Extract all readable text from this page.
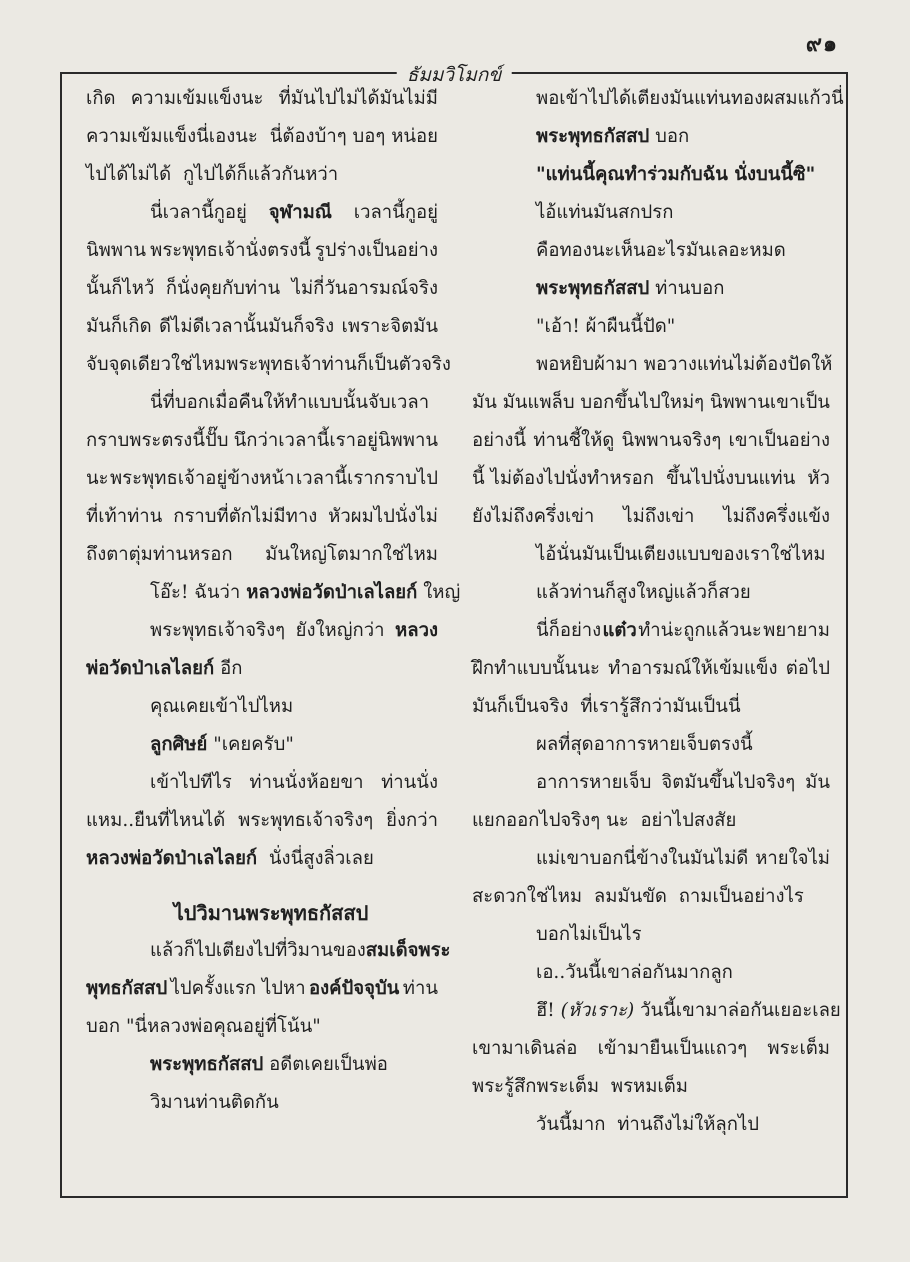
๙๑
ธัมมวิโมกข์

เกิด ความเข้มแข็งนะ ที่มันไปไม่ได้มันไม่มี

ความเข้มแข็งนี่เองนะ นี่ต้องบ้าๆ บอๆ หน่อย

ไปได้ไม่ได้ กูไปได้ก็แล้วกันหว่า

นี่เวลานี้กูอยู่ จุฬามณี เวลานี้กูอยู่

นิพพาน พระพุทธเจ้านั่งตรงนี้ รูปร่างเป็นอย่าง

นั้นก็ไหว้ ก็นั่งคุยกับท่าน ไม่กี่วันอารมณ์จริง

มันก็เกิด ดีไม่ดีเวลานั้นมันก็จริง เพราะจิตมัน

จับจุดเดียวใช่ไหม พระพุทธเจ้าท่านก็เป็นตัวจริง

นี่ที่บอกเมื่อคืนให้ทำแบบนั้นจับเวลา

กราบพระตรงนี้ปั๊บ นึกว่าเวลานี้เราอยู่นิพพาน

นะ พระพุทธเจ้าอยู่ข้างหน้า เวลานี้เรากราบไป

ที่เท้าท่าน กราบที่ตักไม่มีทาง หัวผมไปนั่งไม่

ถึงตาตุ่มท่านหรอก มันใหญ่โตมากใช่ไหม

โอ๊ะ! ฉันว่า หลวงพ่อวัดป่าเลไลยก์ ใหญ่

พระพุทธเจ้าจริงๆ ยังใหญ่กว่า หลวง

พ่อวัดป่าเลไลยก์ อีก

คุณเคยเข้าไปไหม

ลูกศิษย์ "เคยครับ"

เข้าไปทีไร ท่านนั่งห้อยขา ท่านนั่ง

แหม..ยืนที่ไหนได้ พระพุทธเจ้าจริงๆ ยิ่งกว่า

หลวงพ่อวัดป่าเลไลยก์ นั่งนี่สูงลิ่วเลย

ไปวิมานพระพุทธกัสสป

แล้วก็ไปเตียงไปที่วิมานของสมเด็จพระ

พุทธกัสสป ไปครั้งแรก ไปหา องค์ปัจจุบัน ท่าน

บอก "นี่หลวงพ่อคุณอยู่ที่โน้น"

พระพุทธกัสสป อดีตเคยเป็นพ่อ

วิมานท่านติดกัน

พอเข้าไปได้เตียงมันแท่นทองผสมแก้วนี่

พระพุทธกัสสป บอก

"แท่นนี้คุณทำร่วมกับฉัน นั่งบนนี้ซิ"

ไอ้แท่นมันสกปรก

คือทองนะเห็นอะไรมันเลอะหมด

พระพุทธกัสสป ท่านบอก

"เอ้า! ผ้าผืนนี้ปัด"

พอหยิบผ้ามา พอวางแท่นไม่ต้องปัดให้

มัน มันแพล็บ บอกขึ้นไปใหม่ๆ นิพพานเขาเป็น

อย่างนี้ ท่านชี้ให้ดู นิพพานจริงๆ เขาเป็นอย่าง

นี้ ไม่ต้องไปนั่งทำหรอก ขึ้นไปนั่งบนแท่น หัว

ยังไม่ถึงครึ่งเข่า ไม่ถึงเข่า ไม่ถึงครึ่งแข้ง

ไอ้นั่นมันเป็นเตียงแบบของเราใช่ไหม

แล้วท่านก็สูงใหญ่แล้วก็สวย

นี่ก็อย่าง แต๋ว ทำน่ะถูกแล้วนะ พยายาม

ฝึกทำแบบนั้นนะ ทำอารมณ์ให้เข้มแข็ง ต่อไป

มันก็เป็นจริง ที่เรารู้สึกว่ามันเป็นนี่

ผลที่สุดอาการหายเจ็บตรงนี้

อาการหายเจ็บ จิตมันขึ้นไปจริงๆ มัน

แยกออกไปจริงๆ นะ อย่าไปสงสัย

แม่เขาบอกนี่ข้างในมันไม่ดี หายใจไม่

สะดวกใช่ไหม ลมมันขัด ถามเป็นอย่างไร

บอกไม่เป็นไร

เอ..วันนี้เขาล่อกันมากลูก

ฮึ! (หัวเราะ) วันนี้เขามาล่อกันเยอะเลย

เขามาเดินล่อ เข้ามายืนเป็นแถวๆ พระเต็ม

พระรู้สึกพระเต็ม พรหมเต็ม

วันนี้มาก ท่านถึงไม่ให้ลุกไป
